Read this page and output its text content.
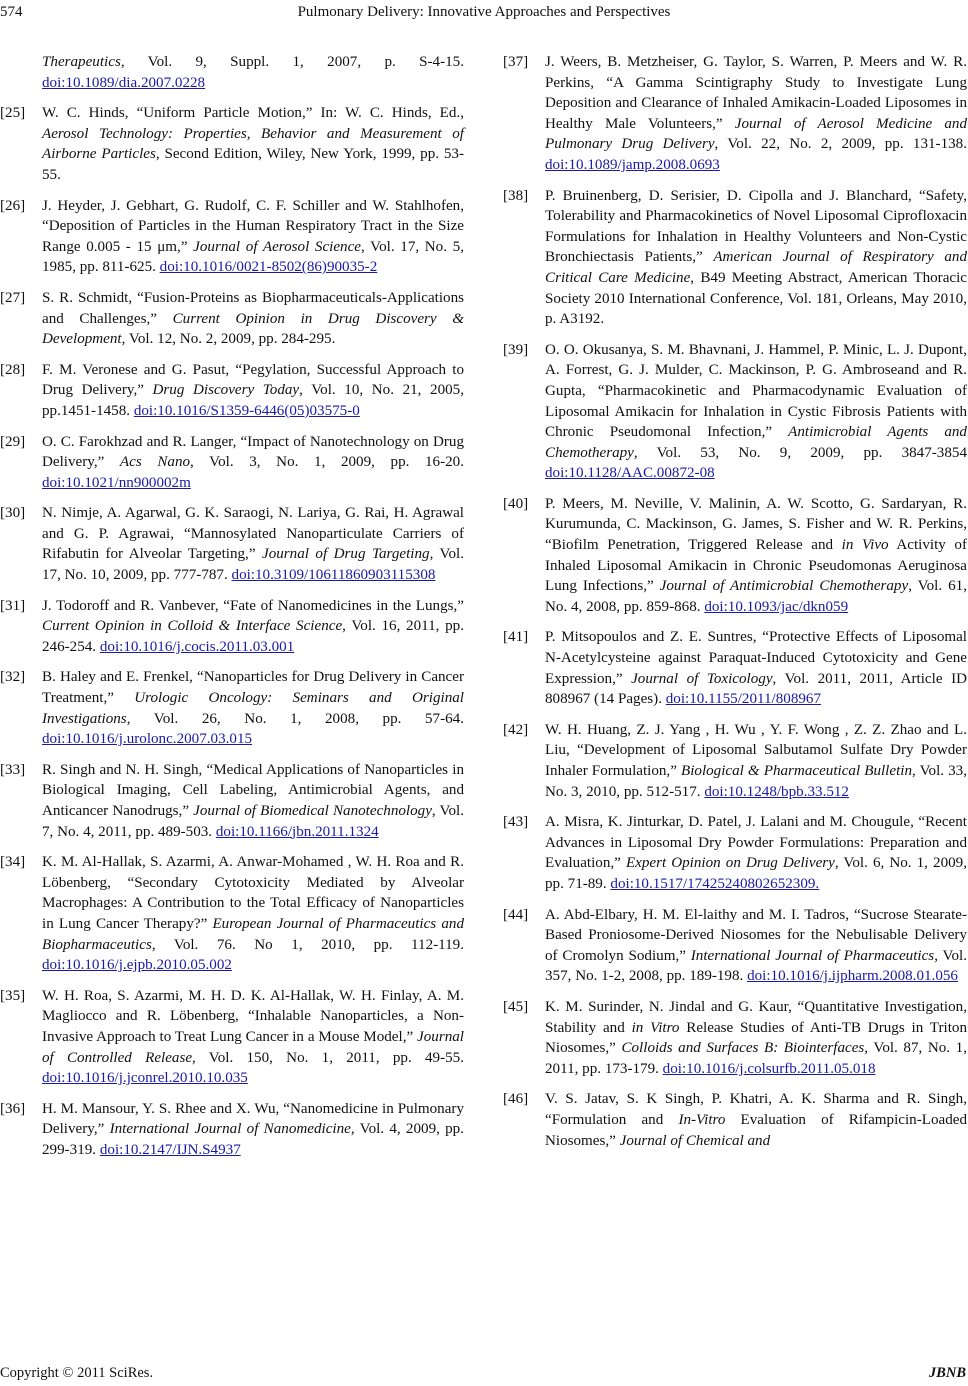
574	Pulmonary Delivery: Innovative Approaches and Perspectives
Therapeutics, Vol. 9, Suppl. 1, 2007, p. S-4-15. doi:10.1089/dia.2007.0228
[25] W. C. Hinds, “Uniform Particle Motion,” In: W. C. Hinds, Ed., Aerosol Technology: Properties, Behavior and Measurement of Airborne Particles, Second Edition, Wiley, New York, 1999, pp. 53-55.
[26] J. Heyder, J. Gebhart, G. Rudolf, C. F. Schiller and W. Stahlhofen, “Deposition of Particles in the Human Respiratory Tract in the Size Range 0.005 - 15 μm,” Journal of Aerosol Science, Vol. 17, No. 5, 1985, pp. 811-625. doi:10.1016/0021-8502(86)90035-2
[27] S. R. Schmidt, “Fusion-Proteins as Biopharmaceuticals-Applications and Challenges,” Current Opinion in Drug Discovery & Development, Vol. 12, No. 2, 2009, pp. 284-295.
[28] F. M. Veronese and G. Pasut, “Pegylation, Successful Approach to Drug Delivery,” Drug Discovery Today, Vol. 10, No. 21, 2005, pp.1451-1458. doi:10.1016/S1359-6446(05)03575-0
[29] O. C. Farokhzad and R. Langer, “Impact of Nanotechnology on Drug Delivery,” Acs Nano, Vol. 3, No. 1, 2009, pp. 16-20. doi:10.1021/nn900002m
[30] N. Nimje, A. Agarwal, G. K. Saraogi, N. Lariya, G. Rai, H. Agrawal and G. P. Agrawai, “Mannosylated Nanoparticulate Carriers of Rifabutin for Alveolar Targeting,” Journal of Drug Targeting, Vol. 17, No. 10, 2009, pp. 777-787. doi:10.3109/10611860903115308
[31] J. Todoroff and R. Vanbever, “Fate of Nanomedicines in the Lungs,” Current Opinion in Colloid & Interface Science, Vol. 16, 2011, pp. 246-254. doi:10.1016/j.cocis.2011.03.001
[32] B. Haley and E. Frenkel, “Nanoparticles for Drug Delivery in Cancer Treatment,” Urologic Oncology: Seminars and Original Investigations, Vol. 26, No. 1, 2008, pp. 57-64. doi:10.1016/j.urolonc.2007.03.015
[33] R. Singh and N. H. Singh, “Medical Applications of Nanoparticles in Biological Imaging, Cell Labeling, Antimicrobial Agents, and Anticancer Nanodrugs,” Journal of Biomedical Nanotechnology, Vol. 7, No. 4, 2011, pp. 489-503. doi:10.1166/jbn.2011.1324
[34] K. M. Al-Hallak, S. Azarmi, A. Anwar-Mohamed , W. H. Roa and R. Löbenberg, “Secondary Cytotoxicity Mediated by Alveolar Macrophages: A Contribution to the Total Efficacy of Nanoparticles in Lung Cancer Therapy?” European Journal of Pharmaceutics and Biopharmaceutics, Vol. 76. No 1, 2010, pp. 112-119. doi:10.1016/j.ejpb.2010.05.002
[35] W. H. Roa, S. Azarmi, M. H. D. K. Al-Hallak, W. H. Finlay, A. M. Magliocco and R. Löbenberg, “Inhalable Nanoparticles, a Non-Invasive Approach to Treat Lung Cancer in a Mouse Model,” Journal of Controlled Release, Vol. 150, No. 1, 2011, pp. 49-55. doi:10.1016/j.jconrel.2010.10.035
[36] H. M. Mansour, Y. S. Rhee and X. Wu, “Nanomedicine in Pulmonary Delivery,” International Journal of Nanomedicine, Vol. 4, 2009, pp. 299-319. doi:10.2147/IJN.S4937
[37] J. Weers, B. Metzheiser, G. Taylor, S. Warren, P. Meers and W. R. Perkins, “A Gamma Scintigraphy Study to Investigate Lung Deposition and Clearance of Inhaled Amikacin-Loaded Liposomes in Healthy Male Volunteers,” Journal of Aerosol Medicine and Pulmonary Drug Delivery, Vol. 22, No. 2, 2009, pp. 131-138. doi:10.1089/jamp.2008.0693
[38] P. Bruinenberg, D. Serisier, D. Cipolla and J. Blanchard, “Safety, Tolerability and Pharmacokinetics of Novel Liposomal Ciprofloxacin Formulations for Inhalation in Healthy Volunteers and Non-Cystic Bronchiectasis Patients,” American Journal of Respiratory and Critical Care Medicine, B49 Meeting Abstract, American Thoracic Society 2010 International Conference, Vol. 181, Orleans, May 2010, p. A3192.
[39] O. O. Okusanya, S. M. Bhavnani, J. Hammel, P. Minic, L. J. Dupont, A. Forrest, G. J. Mulder, C. Mackinson, P. G. Ambroseand and R. Gupta, “Pharmacokinetic and Pharmacodynamic Evaluation of Liposomal Amikacin for Inhalation in Cystic Fibrosis Patients with Chronic Pseudomonal Infection,” Antimicrobial Agents and Chemotherapy, Vol. 53, No. 9, 2009, pp. 3847-3854 doi:10.1128/AAC.00872-08
[40] P. Meers, M. Neville, V. Malinin, A. W. Scotto, G. Sardaryan, R. Kurumunda, C. Mackinson, G. James, S. Fisher and W. R. Perkins, “Biofilm Penetration, Triggered Release and in Vivo Activity of Inhaled Liposomal Amikacin in Chronic Pseudomonas Aeruginosa Lung Infections,” Journal of Antimicrobial Chemotherapy, Vol. 61, No. 4, 2008, pp. 859-868. doi:10.1093/jac/dkn059
[41] P. Mitsopoulos and Z. E. Suntres, “Protective Effects of Liposomal N-Acetylcysteine against Paraquat-Induced Cytotoxicity and Gene Expression,” Journal of Toxicology, Vol. 2011, 2011, Article ID 808967 (14 Pages). doi:10.1155/2011/808967
[42] W. H. Huang, Z. J. Yang , H. Wu , Y. F. Wong , Z. Z. Zhao and L. Liu, “Development of Liposomal Salbutamol Sulfate Dry Powder Inhaler Formulation,” Biological & Pharmaceutical Bulletin, Vol. 33, No. 3, 2010, pp. 512-517. doi:10.1248/bpb.33.512
[43] A. Misra, K. Jinturkar, D. Patel, J. Lalani and M. Chougule, “Recent Advances in Liposomal Dry Powder Formulations: Preparation and Evaluation,” Expert Opinion on Drug Delivery, Vol. 6, No. 1, 2009, pp. 71-89. doi:10.1517/17425240802652309.
[44] A. Abd-Elbary, H. M. El-laithy and M. I. Tadros, “Sucrose Stearate-Based Proniosome-Derived Niosomes for the Nebulisable Delivery of Cromolyn Sodium,” International Journal of Pharmaceutics, Vol. 357, No. 1-2, 2008, pp. 189-198. doi:10.1016/j.ijpharm.2008.01.056
[45] K. M. Surinder, N. Jindal and G. Kaur, “Quantitative Investigation, Stability and in Vitro Release Studies of Anti-TB Drugs in Triton Niosomes,” Colloids and Surfaces B: Biointerfaces, Vol. 87, No. 1, 2011, pp. 173-179. doi:10.1016/j.colsurfb.2011.05.018
[46] V. S. Jatav, S. K Singh, P. Khatri, A. K. Sharma and R. Singh, “Formulation and In-Vitro Evaluation of Rifampicin-Loaded Niosomes,” Journal of Chemical and
Copyright © 2011 SciRes.	JBNB
